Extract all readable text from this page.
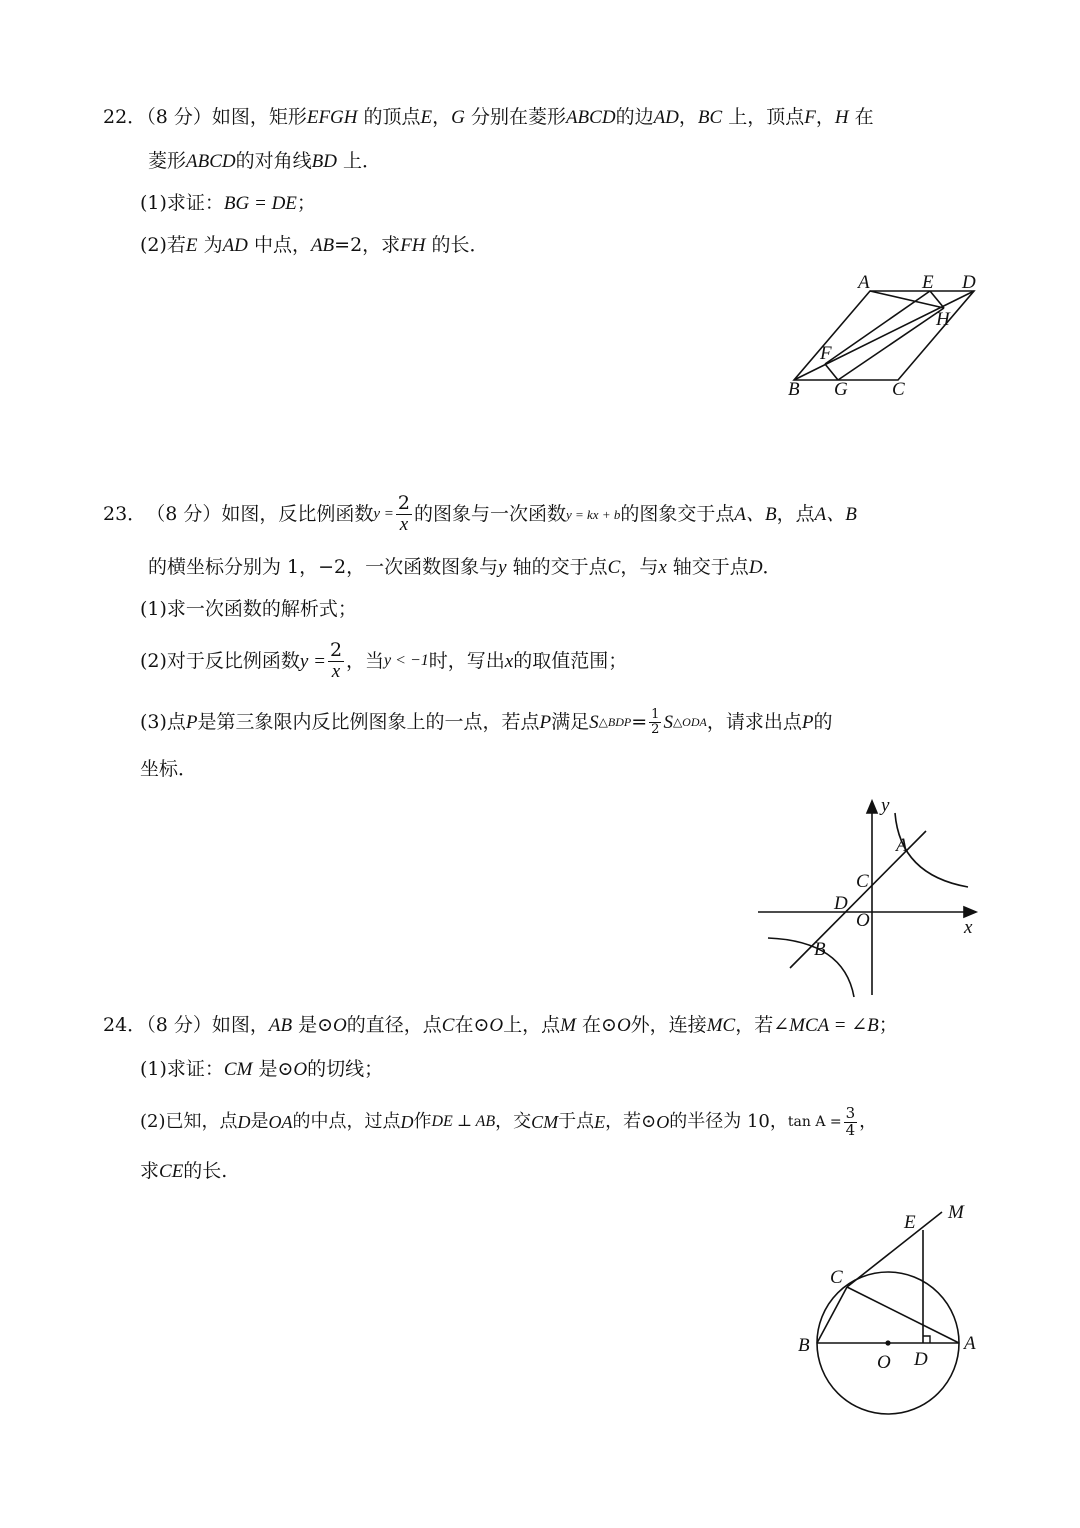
22．（8 分）如图，矩形EFGH 的顶点E，G 分别在菱形ABCD的边AD，BC 上，顶点F，H 在
菱形ABCD的对角线BD 上．
(1)求证：BG = DE；
(2)若E 为AD 中点，AB=2，求FH 的长．
A	E D
H
F
B G C
23． （8 分） 如图，反比例函数 $y = \frac{2}{x}$ 的图象与一次函数 y = kx + b 的图象交于点 A、B ，点 A、B
的横坐标分别为 1，−2，一次函数图象与y 轴的交于点C，与x 轴交于点D．
(1)求一次函数的解析式；
(2)对于反比例函数 $y = \frac{2}{x}$ ，当 y < −1 时，写出 x 的取值范围；
(3)点 P 是第三象限内反比例图象上的一点，若点 P 满足 S △BDP = $\frac{1}{2}$ S △ODA ，请求出点 P 的
坐标．
y
x
A
C
D
O
B
24．（8 分）如图，AB 是⊙O的直径，点C在⊙O上，点M 在⊙O外，连接MC，若∠MCA = ∠B；
(1)求证：CM 是⊙O的切线；
(2)已知，点 D 是 OA 的中点，过点 D 作 DE ⊥ AB ，交 CM 于点 E ，若⊙ O 的半径为 10， $\tan A = \frac{3}{4}$ ，
求CE的长.
E M
C
B
O D
A
